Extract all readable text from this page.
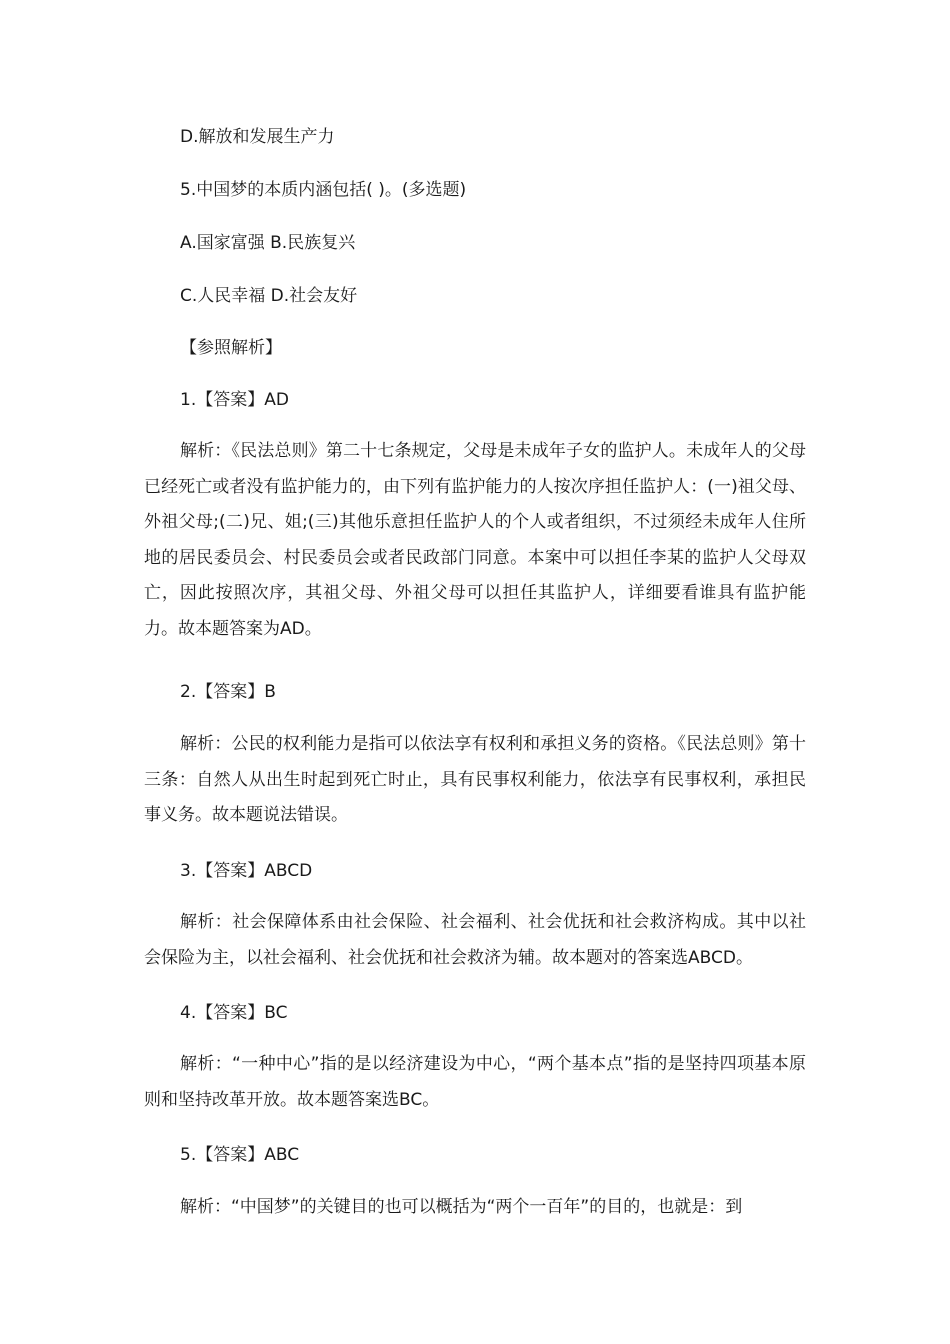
D.解放和发展生产力
5.中国梦的本质内涵包括( )。(多选题)
A.国家富强 B.民族复兴
C.人民幸福 D.社会友好
【参照解析】
1.【答案】AD
解析：《民法总则》第二十七条规定，父母是未成年子女的监护人。未成年人的父母已经死亡或者没有监护能力的，由下列有监护能力的人按次序担任监护人：(一)祖父母、外祖父母;(二)兄、姐;(三)其他乐意担任监护人的个人或者组织，不过须经未成年人住所地的居民委员会、村民委员会或者民政部门同意。本案中可以担任李某的监护人父母双亡，因此按照次序，其祖父母、外祖父母可以担任其监护人，详细要看谁具有监护能力。故本题答案为AD。
2.【答案】B
解析：公民的权利能力是指可以依法享有权利和承担义务的资格。《民法总则》第十三条：自然人从出生时起到死亡时止，具有民事权利能力，依法享有民事权利，承担民事义务。故本题说法错误。
3.【答案】ABCD
解析：社会保障体系由社会保险、社会福利、社会优抚和社会救济构成。其中以社会保险为主，以社会福利、社会优抚和社会救济为辅。故本题对的答案选ABCD。
4.【答案】BC
解析：“一种中心”指的是以经济建设为中心，“两个基本点”指的是坚持四项基本原则和坚持改革开放。故本题答案选BC。
5.【答案】ABC
解析：“中国梦”的关键目的也可以概括为“两个一百年”的目的，也就是：到
